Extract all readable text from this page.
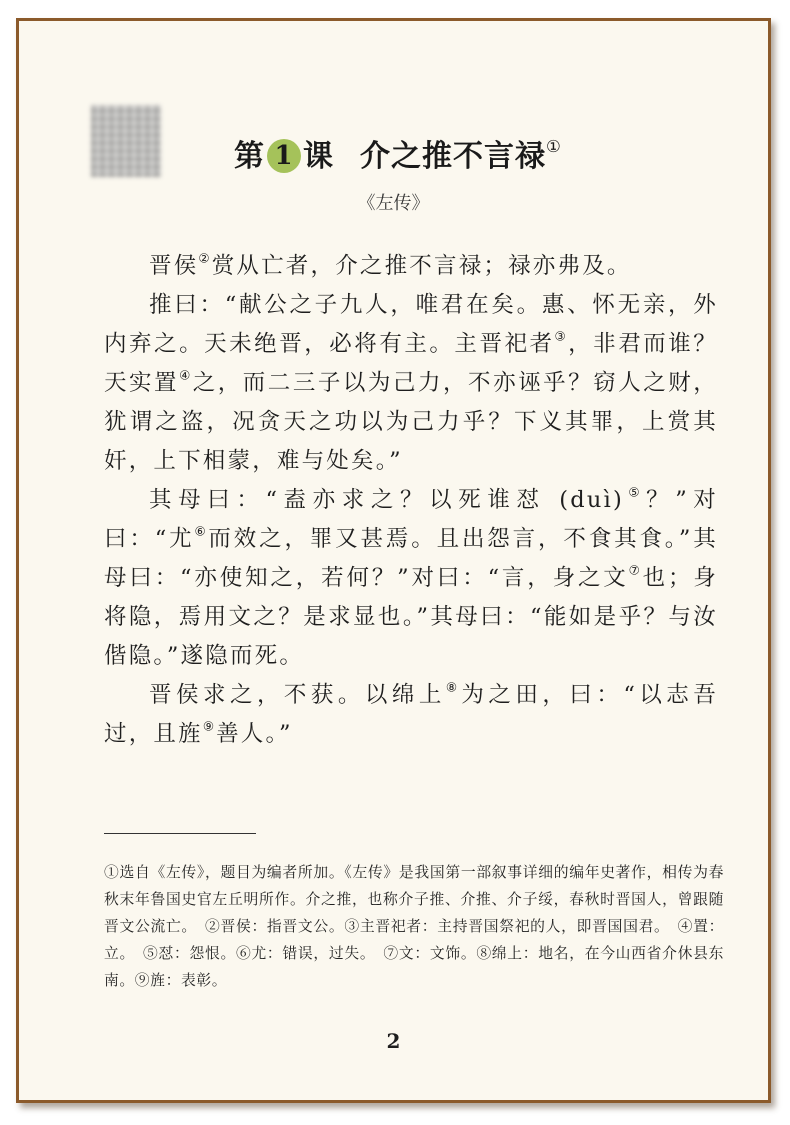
第 1 课 介之推不言禄①
《左传》

晋侯②赏从亡者，介之推不言禄；禄亦弗及。

推曰：“献公之子九人，唯君在矣。惠、怀无亲，外内弃之。天未绝晋，必将有主。主晋祀者③，非君而谁？天实置④之，而二三子以为己力，不亦诬乎？窃人之财，犹谓之盗，况贪天之功以为己力乎？下义其罪，上赏其奸，上下相蒙，难与处矣。”

其母曰：“盍亦求之？以死谁怼 (duì)⑤？”对曰：“尤⑥而效之，罪又甚焉。且出怨言，不食其食。”其母曰：“亦使知之，若何？”对曰：“言，身之文⑦也；身将隐，焉用文之？是求显也。”其母曰：“能如是乎？与汝偕隐。”遂隐而死。

晋侯求之，不获。以绵上⑧为之田，曰：“以志吾过，且旌⑨善人。”

①选自《左传》，题目为编者所加。《左传》是我国第一部叙事详细的编年史著作，相传为春秋末年鲁国史官左丘明所作。介之推，也称介子推、介推、介子绥，春秋时晋国人，曾跟随晋文公流亡。　②晋侯：指晋文公。③主晋祀者：主持晋国祭祀的人，即晋国国君。　④置：立。　⑤怼：怨恨。⑥尤：错误，过失。　⑦文：文饰。⑧绵上：地名，在今山西省介休县东南。⑨旌：表彰。
2
